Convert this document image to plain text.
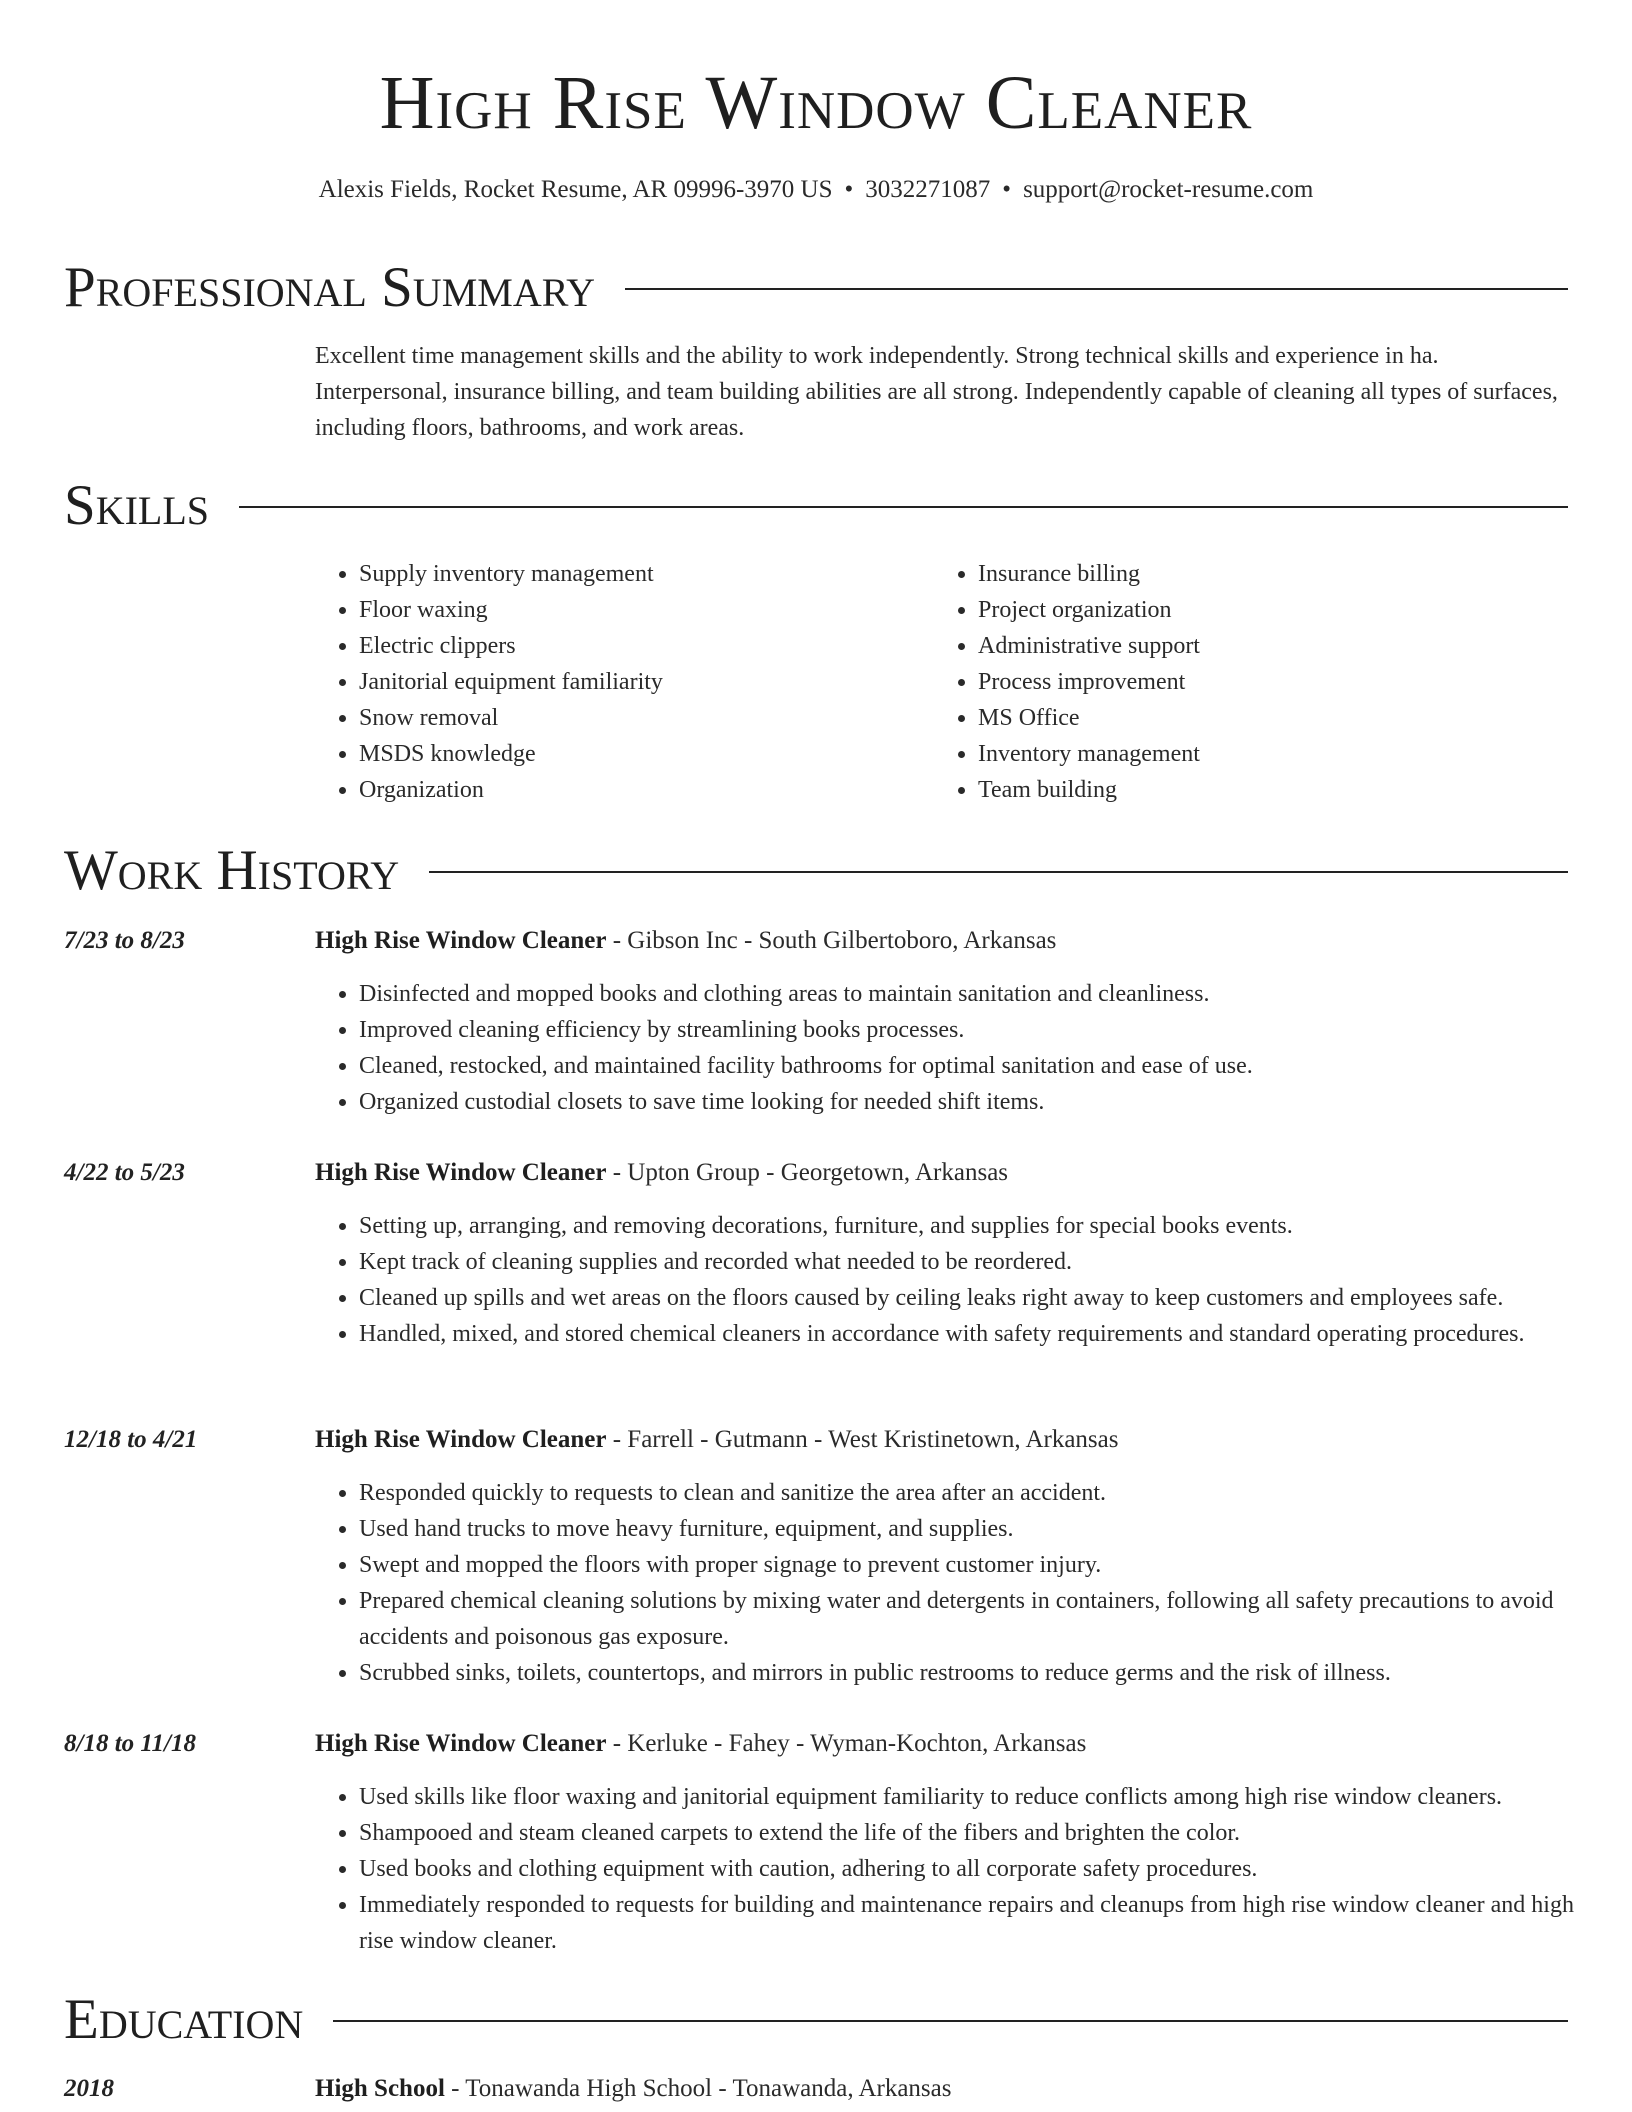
High Rise Window Cleaner
Alexis Fields, Rocket Resume, AR 09996-3970 US • 3032271087 • support@rocket-resume.com
Professional Summary
Excellent time management skills and the ability to work independently. Strong technical skills and experience in ha. Interpersonal, insurance billing, and team building abilities are all strong. Independently capable of cleaning all types of surfaces, including floors, bathrooms, and work areas.
Skills
• Supply inventory management
• Floor waxing
• Electric clippers
• Janitorial equipment familiarity
• Snow removal
• MSDS knowledge
• Organization
• Insurance billing
• Project organization
• Administrative support
• Process improvement
• MS Office
• Inventory management
• Team building
Work History
7/23 to 8/23	High Rise Window Cleaner - Gibson Inc - South Gilbertoboro, Arkansas
• Disinfected and mopped books and clothing areas to maintain sanitation and cleanliness.
• Improved cleaning efficiency by streamlining books processes.
• Cleaned, restocked, and maintained facility bathrooms for optimal sanitation and ease of use.
• Organized custodial closets to save time looking for needed shift items.
4/22 to 5/23	High Rise Window Cleaner - Upton Group - Georgetown, Arkansas
• Setting up, arranging, and removing decorations, furniture, and supplies for special books events.
• Kept track of cleaning supplies and recorded what needed to be reordered.
• Cleaned up spills and wet areas on the floors caused by ceiling leaks right away to keep customers and employees safe.
• Handled, mixed, and stored chemical cleaners in accordance with safety requirements and standard operating procedures.
12/18 to 4/21	High Rise Window Cleaner - Farrell - Gutmann - West Kristinetown, Arkansas
• Responded quickly to requests to clean and sanitize the area after an accident.
• Used hand trucks to move heavy furniture, equipment, and supplies.
• Swept and mopped the floors with proper signage to prevent customer injury.
• Prepared chemical cleaning solutions by mixing water and detergents in containers, following all safety precautions to avoid accidents and poisonous gas exposure.
• Scrubbed sinks, toilets, countertops, and mirrors in public restrooms to reduce germs and the risk of illness.
8/18 to 11/18	High Rise Window Cleaner - Kerluke - Fahey - Wyman-Kochton, Arkansas
• Used skills like floor waxing and janitorial equipment familiarity to reduce conflicts among high rise window cleaners.
• Shampooed and steam cleaned carpets to extend the life of the fibers and brighten the color.
• Used books and clothing equipment with caution, adhering to all corporate safety procedures.
• Immediately responded to requests for building and maintenance repairs and cleanups from high rise window cleaner and high rise window cleaner.
Education
2018	High School - Tonawanda High School - Tonawanda, Arkansas
